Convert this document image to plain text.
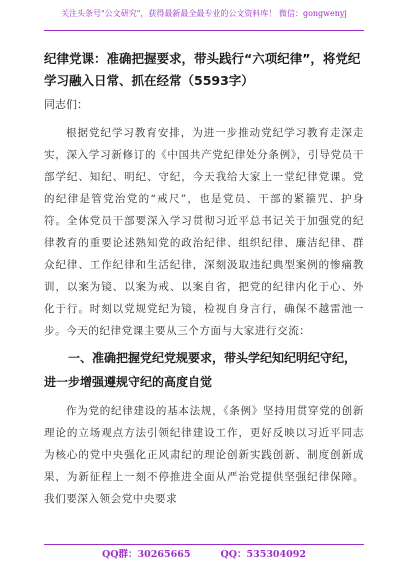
关注头条号"公文研究"，获得最新最全最专业的公文资料库！ 微信：gongwenyj

纪律党课：准确把握要求，带头践行“六项纪律”，将党纪学习融入日常、抓在经常（5593字）

同志们：

根据党纪学习教育安排，为进一步推动党纪学习教育走深走实，深入学习新修订的《中国共产党纪律处分条例》，引导党员干部学纪、知纪、明纪、守纪，今天我给大家上一堂纪律党课。党的纪律是管党治党的“戒尺”，也是党员、干部的紧箍咒、护身符。全体党员干部要深入学习贯彻习近平总书记关于加强党的纪律教育的重要论述熟知党的政治纪律、组织纪律、廉洁纪律、群众纪律、工作纪律和生活纪律，深刻汲取违纪典型案例的惨痛教训，以案为镜、以案为戒、以案自省，把党的纪律内化于心、外化于行。时刻以党规党纪为镜，检视自身言行，确保不越雷池一步。今天的纪律党课主要从三个方面与大家进行交流：

一、准确把握党纪党规要求，带头学纪知纪明纪守纪，进一步增强遵规守纪的高度自觉

作为党的纪律建设的基本法规，《条例》坚持用贯穿党的创新理论的立场观点方法引领纪律建设工作，更好反映以习近平同志为核心的党中央强化正风肃纪的理论创新实践创新、制度创新成果，为新征程上一刻不停推进全面从严治党提供坚强纪律保障。我们要深入领会党中央要求

QQ群：30265665	QQ：535304092
